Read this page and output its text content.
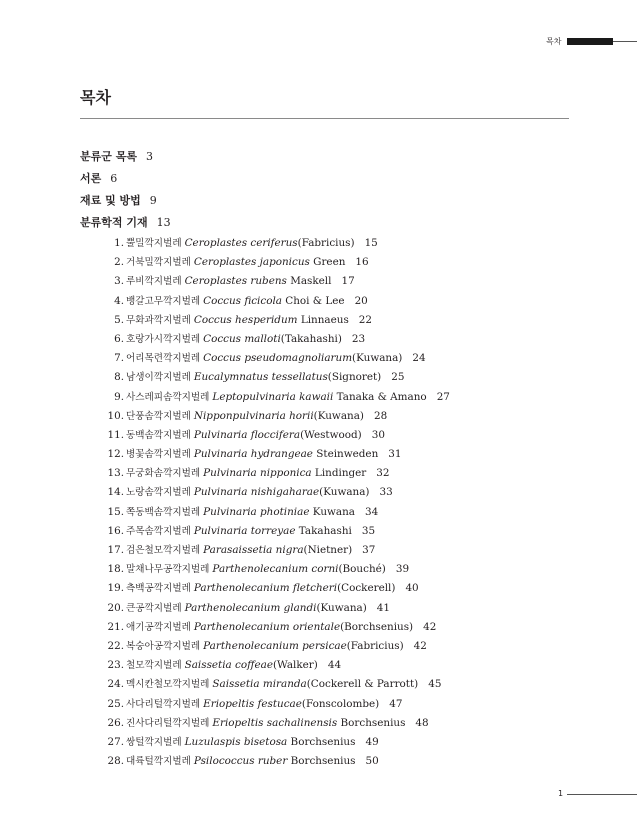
목차
목차
분류군 목록 3
서론 6
재료 및 방법 9
분류학적 기재 13
1. 뿔밀깍지벌레 Ceroplastes ceriferus(Fabricius) 15
2. 거북밀깍지벌레 Ceroplastes japonicus Green 16
3. 루비깍지벌레 Ceroplastes rubens Maskell 17
4. 뱅갈고무깍지벌레 Coccus ficicola Choi & Lee 20
5. 무화과깍지벌레 Coccus hesperidum Linnaeus 22
6. 호랑가시깍지벌레 Coccus malloti(Takahashi) 23
7. 어리목련깍지벌레 Coccus pseudomagnoliarum(Kuwana) 24
8. 남생이깍지벌레 Eucalymnatus tessellatus(Signoret) 25
9. 사스레피솜깍지벌레 Leptopulvinaria kawaii Tanaka & Amano 27
10. 단풍솜깍지벌레 Nipponpulvinaria horii(Kuwana) 28
11. 동백솜깍지벌레 Pulvinaria floccifera(Westwood) 30
12. 병꽃솜깍지벌레 Pulvinaria hydrangeae Steinweden 31
13. 무궁화솜깍지벌레 Pulvinaria nipponica Lindinger 32
14. 노랑솜깍지벌레 Pulvinaria nishigaharae(Kuwana) 33
15. 쪽동백솜깍지벌레 Pulvinaria photiniae Kuwana 34
16. 주목솜깍지벌레 Pulvinaria torreyae Takahashi 35
17. 검은철모깍지벌레 Parasaissetia nigra(Nietner) 37
18. 말채나무공깍지벌레 Parthenolecanium corni(Bouché) 39
19. 측백공깍지벌레 Parthenolecanium fletcheri(Cockerell) 40
20. 큰공깍지벌레 Parthenolecanium glandi(Kuwana) 41
21. 애기공깍지벌레 Parthenolecanium orientale(Borchsenius) 42
22. 복숭아공깍지벌레 Parthenolecanium persicae(Fabricius) 42
23. 철모깍지벌레 Saissetia coffeae(Walker) 44
24. 멕시칸철모깍지벌레 Saissetia miranda(Cockerell & Parrott) 45
25. 사다리털깍지벌레 Eriopeltis festucae(Fonscolombe) 47
26. 진사다리털깍지벌레 Eriopeltis sachalinensis Borchsenius 48
27. 쌍털깍지벌레 Luzulaspis bisetosa Borchsenius 49
28. 대륙털깍지벌레 Psilococcus ruber Borchsenius 50
1
